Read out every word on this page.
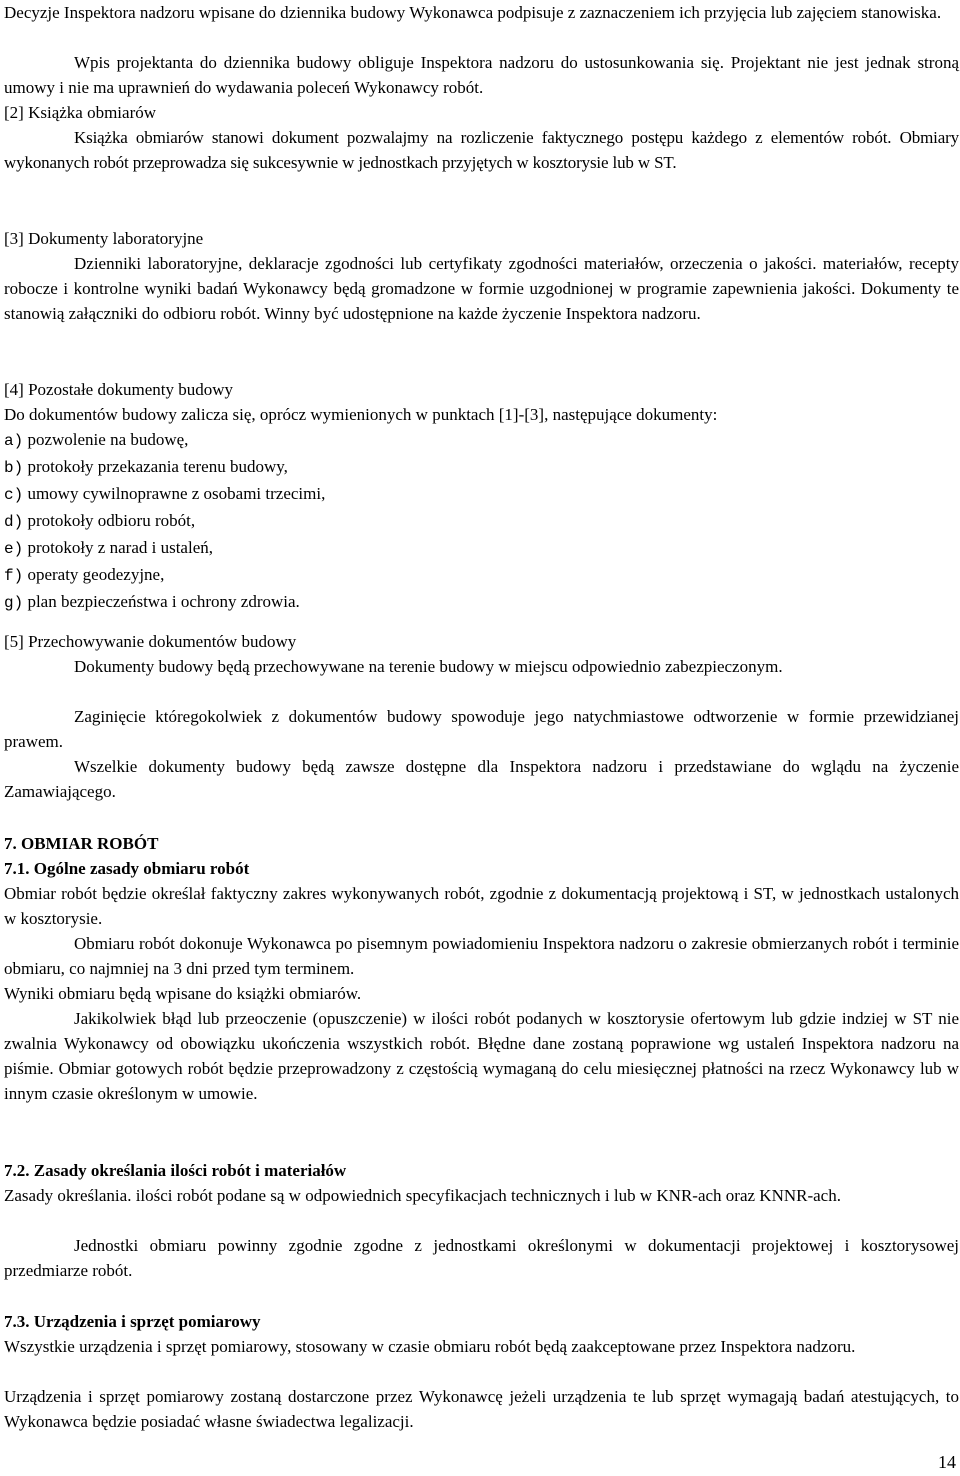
Decyzje Inspektora nadzoru wpisane do dziennika budowy Wykonawca podpisuje z zaznaczeniem ich przyjęcia lub zajęciem stanowiska.

Wpis projektanta do dziennika budowy obliguje Inspektora nadzoru do ustosunkowania się. Projektant nie jest jednak stroną umowy i nie ma uprawnień do wydawania poleceń Wykonawcy robót.

[2] Książka obmiarów

Książka obmiarów stanowi dokument pozwalajmy na rozliczenie faktycznego postępu każdego z elementów robót. Obmiary wykonanych robót przeprowadza się sukcesywnie w jednostkach przyjętych w kosztorysie lub w ST.

[3] Dokumenty laboratoryjne

Dzienniki laboratoryjne, deklaracje zgodności lub certyfikaty zgodności materiałów, orzeczenia o jakości. materiałów, recepty robocze i kontrolne wyniki badań Wykonawcy będą gromadzone w formie uzgodnionej w programie zapewnienia jakości. Dokumenty te stanowią załączniki do odbioru robót. Winny być udostępnione na każde życzenie Inspektora nadzoru.

[4] Pozostałe dokumenty budowy

Do dokumentów budowy zalicza się, oprócz wymienionych w punktach [1]-[3], następujące dokumenty:

a) pozwolenie na budowę,
b) protokoły przekazania terenu budowy,
c) umowy cywilnoprawne z osobami trzecimi,
d) protokoły odbioru robót,
e) protokoły z narad i ustaleń,
f) operaty geodezyjne,
g) plan bezpieczeństwa i ochrony zdrowia.

[5] Przechowywanie dokumentów budowy

Dokumenty budowy będą przechowywane na terenie budowy w miejscu odpowiednio zabezpieczonym.

Zaginięcie któregokolwiek z dokumentów budowy spowoduje jego natychmiastowe odtworzenie w formie przewidzianej prawem.

Wszelkie dokumenty budowy będą zawsze dostępne dla Inspektora nadzoru i przedstawiane do wglądu na życzenie Zamawiającego.

7. OBMIAR ROBÓT

7.1. Ogólne zasady obmiaru robót

Obmiar robót będzie określał faktyczny zakres wykonywanych robót, zgodnie z dokumentacją projektową i ST, w jednostkach ustalonych w kosztorysie.

Obmiaru robót dokonuje Wykonawca po pisemnym powiadomieniu Inspektora nadzoru o zakresie obmierzanych robót i terminie obmiaru, co najmniej na 3 dni przed tym terminem.

Wyniki obmiaru będą wpisane do książki obmiarów.

Jakikolwiek błąd lub przeoczenie (opuszczenie) w ilości robót podanych w kosztorysie ofertowym lub gdzie indziej w ST nie zwalnia Wykonawcy od obowiązku ukończenia wszystkich robót. Błędne dane zostaną poprawione wg ustaleń Inspektora nadzoru na piśmie. Obmiar gotowych robót będzie przeprowadzony z częstością wymaganą do celu miesięcznej płatności na rzecz Wykonawcy lub w innym czasie określonym w umowie.

7.2. Zasady określania ilości robót i materiałów

Zasady określania. ilości robót podane są w odpowiednich specyfikacjach technicznych i lub w KNR-ach oraz KNNR-ach.

Jednostki obmiaru powinny zgodnie zgodne z jednostkami określonymi w dokumentacji projektowej i kosztorysowej przedmiarze robót.

7.3. Urządzenia i sprzęt pomiarowy

Wszystkie urządzenia i sprzęt pomiarowy, stosowany w czasie obmiaru robót będą zaakceptowane przez Inspektora nadzoru.

Urządzenia i sprzęt pomiarowy zostaną dostarczone przez Wykonawcę jeżeli urządzenia te lub sprzęt wymagają badań atestujących, to Wykonawca będzie posiadać własne świadectwa legalizacji.

14
